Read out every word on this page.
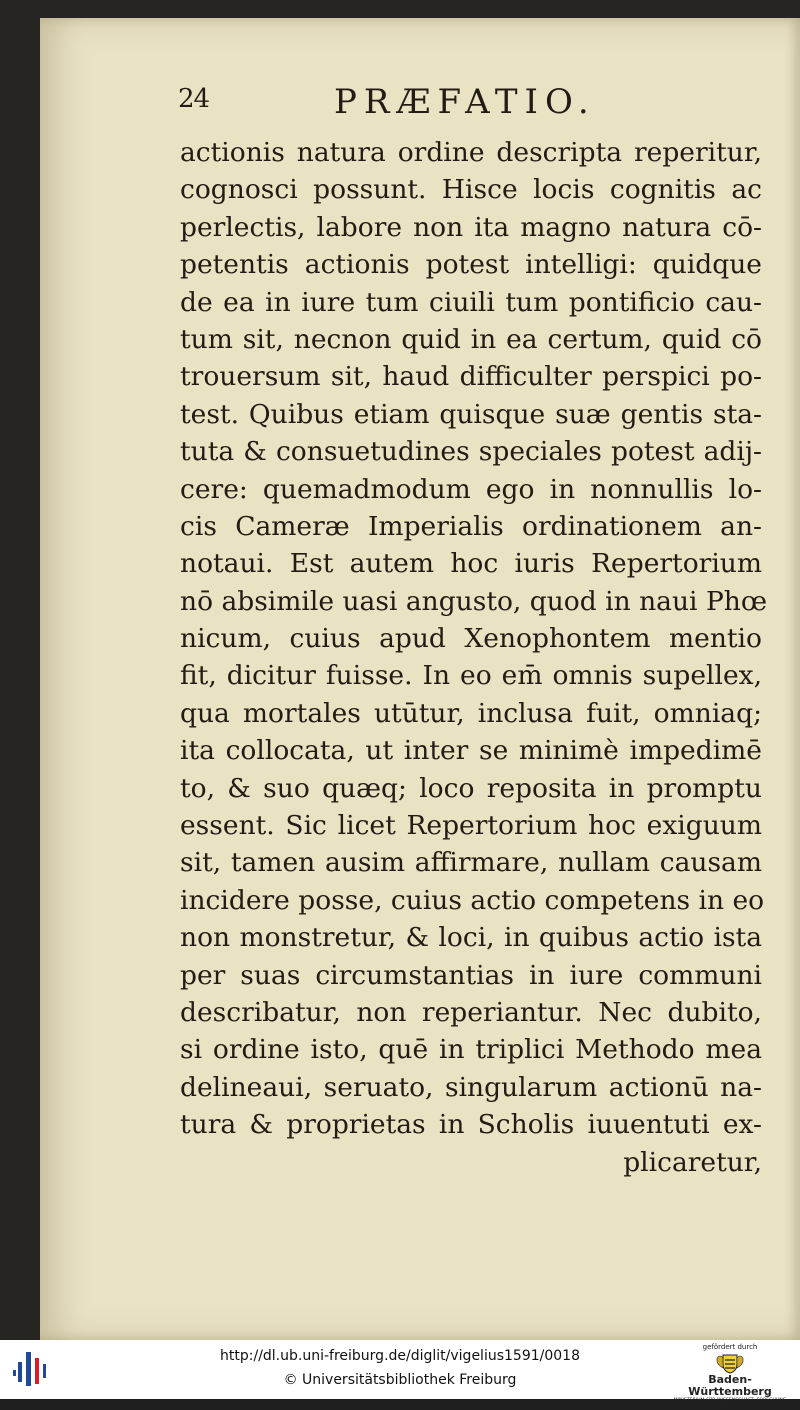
24	PRÆFATIO.
actionis natura ordine descripta reperitur,
cognosci possunt. Hisce locis cognitis ac
perlectis, labore non ita magno natura cō-
petentis actionis potest intelligi: quidque
de ea in iure tum ciuili tum pontificio cau-
tum sit, necnon quid in ea certum, quid cō
trouersum sit, haud difficulter perspici po-
test. Quibus etiam quisque suæ gentis sta-
tuta & consuetudines speciales potest adij-
cere: quemadmodum ego in nonnullis lo-
cis Cameræ Imperialis ordinationem an-
notaui. Est autem hoc iuris Repertorium
nō absimile uasi angusto, quod in naui Phœ
nicum, cuius apud Xenophontem mentio
fit, dicitur fuisse. In eo em̄ omnis supellex,
qua mortales utūtur, inclusa fuit, omniaq;
ita collocata, ut inter se minimè impedimē
to, & suo quæq; loco reposita in promptu
essent. Sic licet Repertorium hoc exiguum
sit, tamen ausim affirmare, nullam causam
incidere posse, cuius actio competens in eo
non monstretur, & loci, in quibus actio ista
per suas circumstantias in iure communi
describatur, non reperiantur. Nec dubito,
si ordine isto, quē in triplici Methodo mea
delineaui, seruato, singularum actionū na-
tura & proprietas in Scholis iuuentuti ex-
plicaretur,
http://dl.ub.uni-freiburg.de/diglit/vigelius1591/0018
© Universitätsbibliothek Freiburg
gefördert durch
Baden-Württemberg
MINISTERIUM FÜR WISSENSCHAFT, FORSCHUNG UND KUNST
